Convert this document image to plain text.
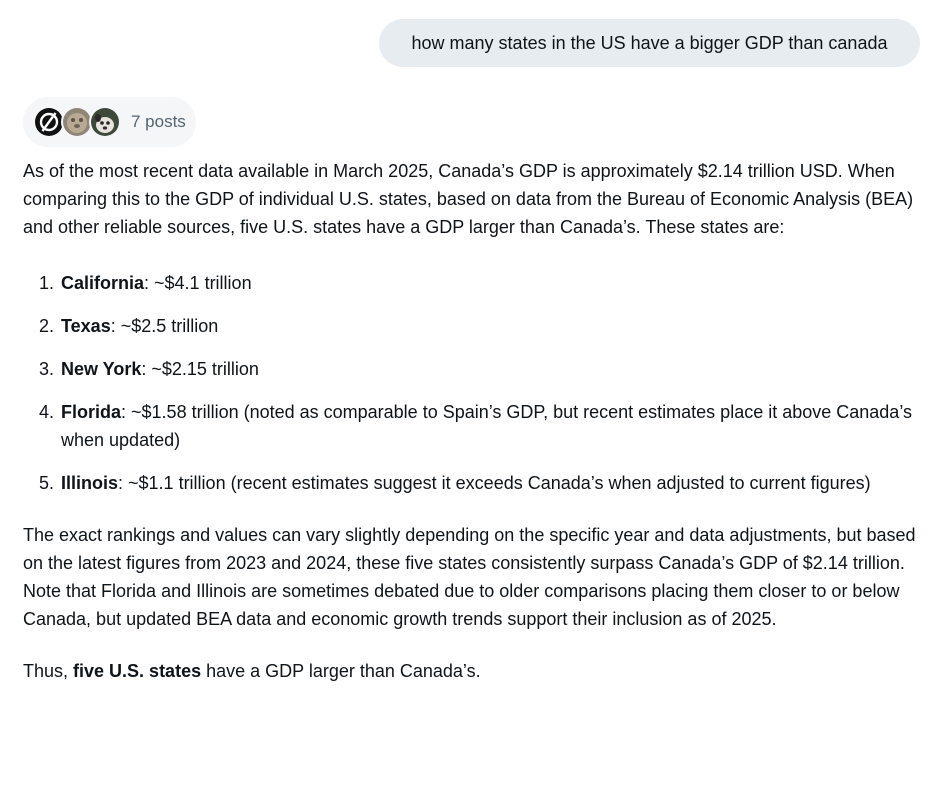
how many states in the US have a bigger GDP than canada
7 posts

As of the most recent data available in March 2025, Canada’s GDP is approximately $2.14 trillion USD. When comparing this to the GDP of individual U.S. states, based on data from the Bureau of Economic Analysis (BEA) and other reliable sources, five U.S. states have a GDP larger than Canada’s. These states are:

1. California: ~$4.1 trillion
2. Texas: ~$2.5 trillion
3. New York: ~$2.15 trillion
4. Florida: ~$1.58 trillion (noted as comparable to Spain’s GDP, but recent estimates place it above Canada’s when updated)
5. Illinois: ~$1.1 trillion (recent estimates suggest it exceeds Canada’s when adjusted to current figures)

The exact rankings and values can vary slightly depending on the specific year and data adjustments, but based on the latest figures from 2023 and 2024, these five states consistently surpass Canada’s GDP of $2.14 trillion. Note that Florida and Illinois are sometimes debated due to older comparisons placing them closer to or below Canada, but updated BEA data and economic growth trends support their inclusion as of 2025.

Thus, five U.S. states have a GDP larger than Canada’s.
